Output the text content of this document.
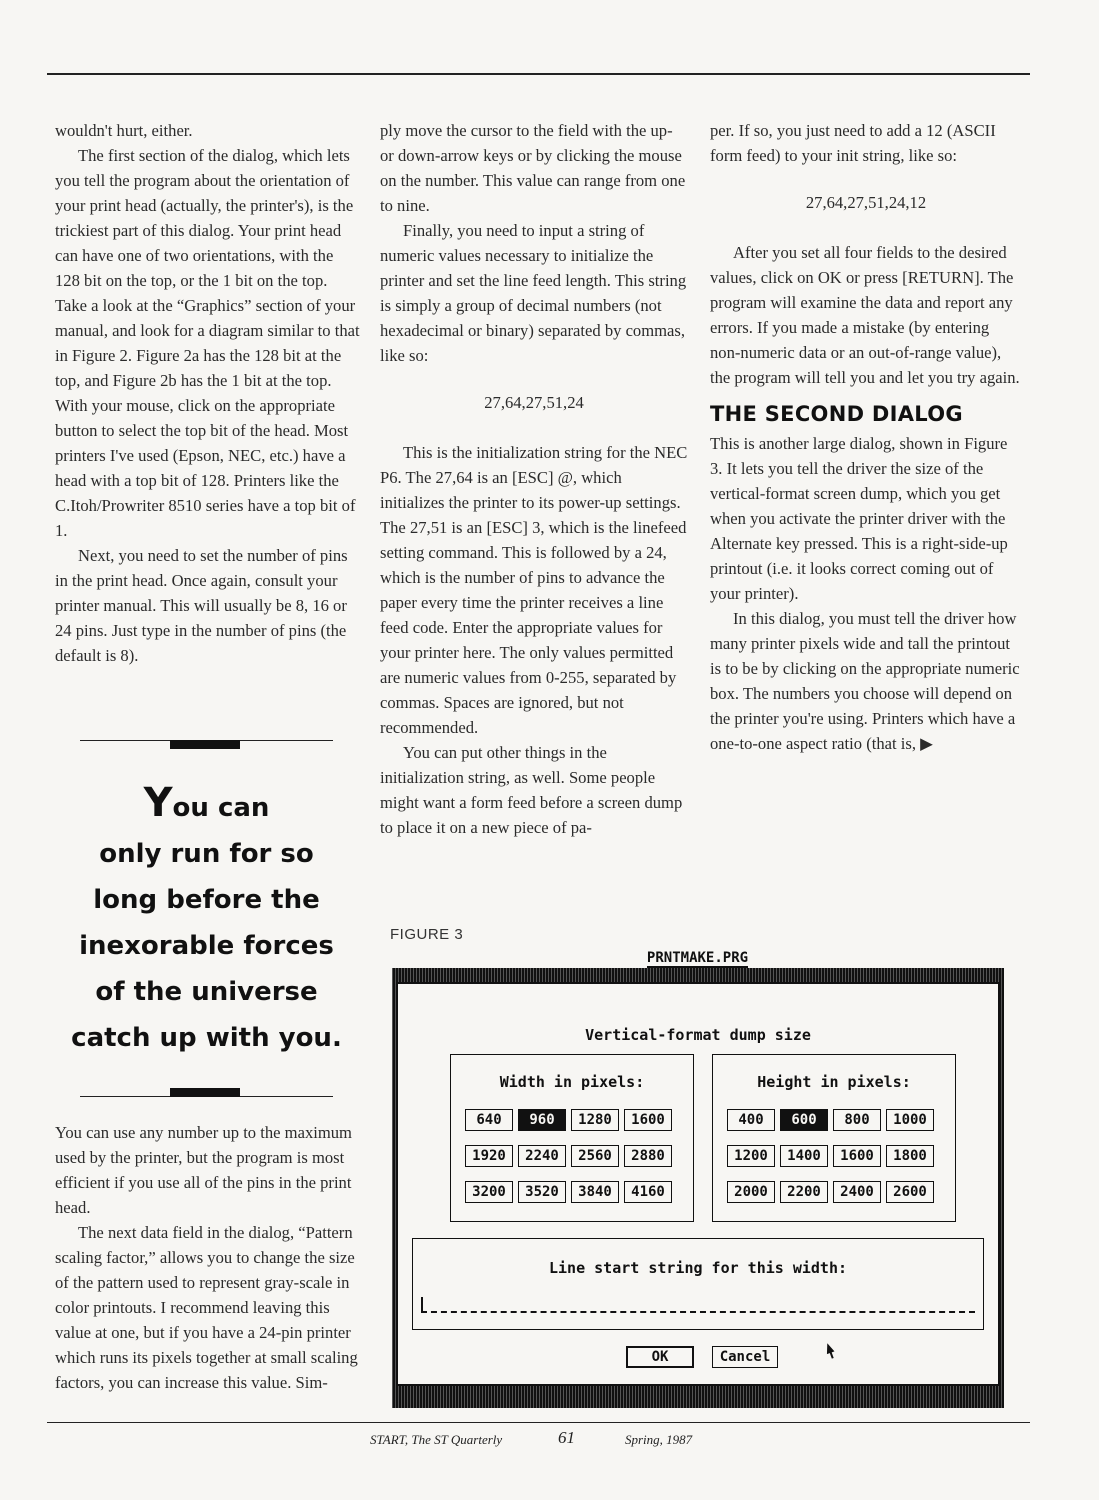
wouldn't hurt, either.

The first section of the dialog, which lets you tell the program about the orientation of your print head (actually, the printer's), is the trickiest part of this dialog. Your print head can have one of two orientations, with the 128 bit on the top, or the 1 bit on the top. Take a look at the “Graphics” section of your manual, and look for a diagram similar to that in Figure 2. Figure 2a has the 128 bit at the top, and Figure 2b has the 1 bit at the top. With your mouse, click on the appropriate button to select the top bit of the head. Most printers I've used (Epson, NEC, etc.) have a head with a top bit of 128. Printers like the C.Itoh/Prowriter 8510 series have a top bit of 1.

Next, you need to set the number of pins in the print head. Once again, consult your printer manual. This will usually be 8, 16 or 24 pins. Just type in the number of pins (the default is 8).

You can
only run for so
long before the
inexorable forces
of the universe
catch up with you.

You can use any number up to the maximum used by the printer, but the program is most efficient if you use all of the pins in the print head.

The next data field in the dialog, “Pattern scaling factor,” allows you to change the size of the pattern used to represent gray-scale in color printouts. I recommend leaving this value at one, but if you have a 24-pin printer which runs its pixels together at small scaling factors, you can increase this value. Sim-

ply move the cursor to the field with the up- or down-arrow keys or by clicking the mouse on the number. This value can range from one to nine.

Finally, you need to input a string of numeric values necessary to initialize the printer and set the line feed length. This string is simply a group of decimal numbers (not hexadecimal or binary) separated by commas, like so:

27,64,27,51,24

This is the initialization string for the NEC P6. The 27,64 is an [ESC] @, which initializes the printer to its power-up settings. The 27,51 is an [ESC] 3, which is the linefeed setting command. This is followed by a 24, which is the number of pins to advance the paper every time the printer receives a line feed code. Enter the appropriate values for your printer here. The only values permitted are numeric values from 0-255, separated by commas. Spaces are ignored, but not recommended.

You can put other things in the initialization string, as well. Some people might want a form feed before a screen dump to place it on a new piece of pa-

per. If so, you just need to add a 12 (ASCII form feed) to your init string, like so:

27,64,27,51,24,12

After you set all four fields to the desired values, click on OK or press [RETURN]. The program will examine the data and report any errors. If you made a mistake (by entering non-numeric data or an out-of-range value), the program will tell you and let you try again.

THE SECOND DIALOG

This is another large dialog, shown in Figure 3. It lets you tell the driver the size of the vertical-format screen dump, which you get when you activate the printer driver with the Alternate key pressed. This is a right-side-up printout (i.e. it looks correct coming out of your printer).

In this dialog, you must tell the driver how many printer pixels wide and tall the printout is to be by clicking on the appropriate numeric box. The numbers you choose will depend on the printer you're using. Printers which have a one-to-one aspect ratio (that is, ▶

FIGURE 3
PRNTMAKE.PRG
Vertical-format dump size
Width in pixels:
640	960	1280	1600
1920	2240	2560	2880
3200	3520	3840	4160
Height in pixels:
400	600	800	1000
1200	1400	1600	1800
2000	2200	2400	2600
Line start string for this width:
OK	Cancel
START, The ST Quarterly	61	Spring, 1987
